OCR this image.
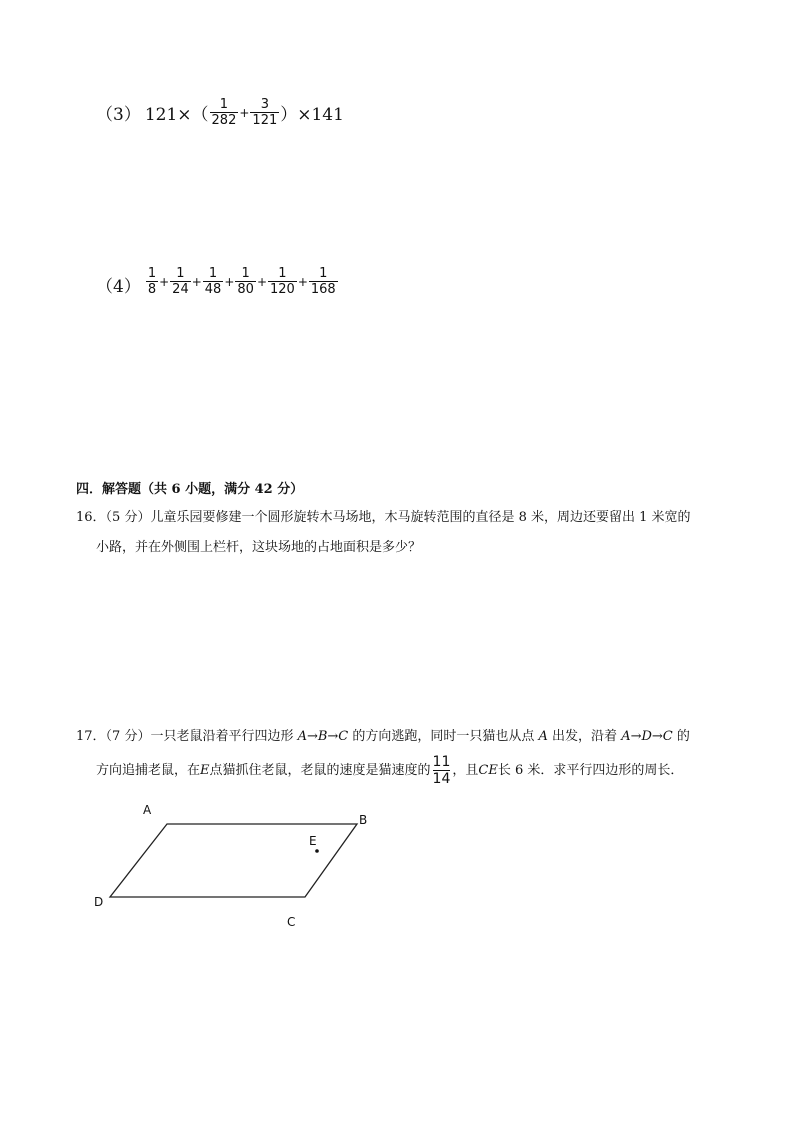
（3） $121\times( \frac{1}{282} + \frac{3}{121} )\times 141$
$(4) \frac{1}{8} + \frac{1}{24} + \frac{1}{48} + \frac{1}{80} + \frac{1}{120} + \frac{1}{168}$
四．解答题（共 6 小题，满分 42 分）
16．（5 分）儿童乐园要修建一个圆形旋转木马场地，木马旋转范围的直径是 8 米，周边还要留出 1 米宽的
小路，并在外侧围上栏杆，这块场地的占地面积是多少？
17．（7 分）一只老鼠沿着平行四边形 A→B→C 的方向逃跑，同时一只猫也从点 A 出发，沿着 A→D→C 的
方向追捕老鼠，在 E 点猫抓住老鼠，老鼠的速度是猫速度的 11
14
，且 CE 长 6 米．求平行四边形的周长．
A
B
C
D
E
